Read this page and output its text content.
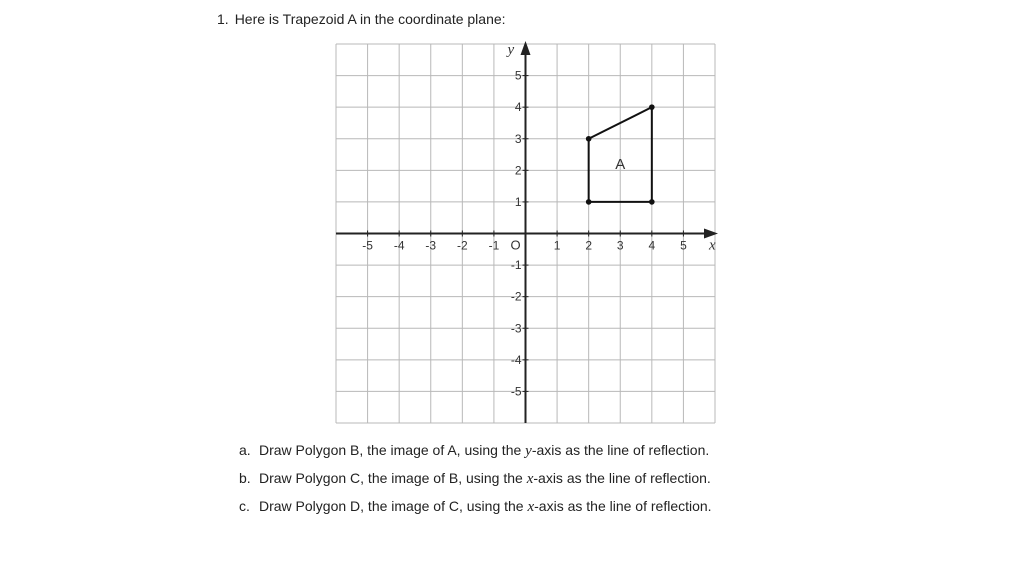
1. Here is Trapezoid A in the coordinate plane:
x
y
O
-5 -4 -3 -2 -1	1 2 3 4 5
5
4
3
2
1
-1
-2
-3
-4
-5
A
a. Draw Polygon B, the image of A, using the y-axis as the line of reflection.
b. Draw Polygon C, the image of B, using the x-axis as the line of reflection.
c. Draw Polygon D, the image of C, using the x-axis as the line of reflection.
